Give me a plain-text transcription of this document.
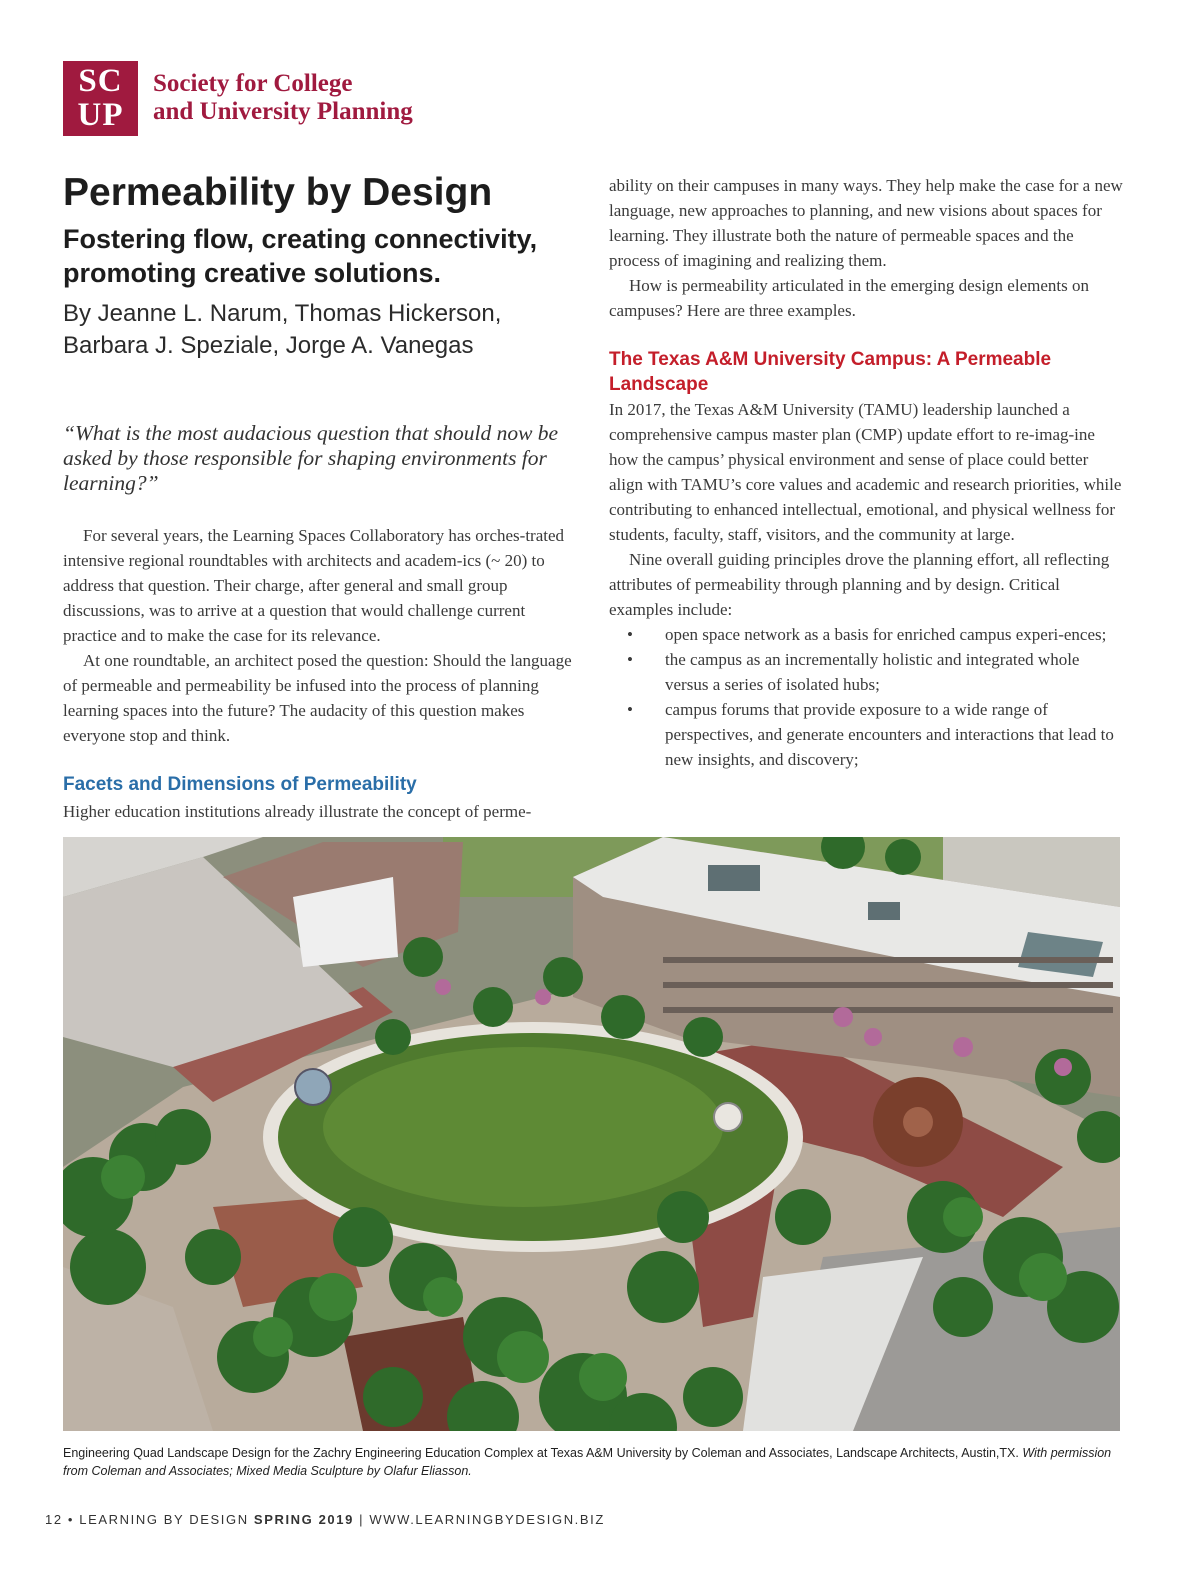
SC
UP
Society for College
and University Planning
Permeability by Design
Fostering flow, creating connectivity, promoting creative solutions.
By Jeanne L. Narum, Thomas Hickerson,
Barbara J. Speziale, Jorge A. Vanegas

“What is the most audacious question that should now be asked by those responsible for shaping environments for learning?”

For several years, the Learning Spaces Collaboratory has orches-trated intensive regional roundtables with architects and academ-ics (~ 20) to address that question. Their charge, after general and small group discussions, was to arrive at a question that would challenge current practice and to make the case for its relevance.

At one roundtable, an architect posed the question: Should the language of permeable and permeability be infused into the process of planning learning spaces into the future? The audacity of this question makes everyone stop and think.

Facets and Dimensions of Permeability

Higher education institutions already illustrate the concept of perme-

ability on their campuses in many ways. They help make the case for a new language, new approaches to planning, and new visions about spaces for learning. They illustrate both the nature of permeable spaces and the process of imagining and realizing them.

How is permeability articulated in the emerging design elements on campuses? Here are three examples.

The Texas A&M University Campus: A Permeable Landscape

In 2017, the Texas A&M University (TAMU) leadership launched a comprehensive campus master plan (CMP) update effort to re-imag-ine how the campus’ physical environment and sense of place could better align with TAMU’s core values and academic and research priorities, while contributing to enhanced intellectual, emotional, and physical wellness for students, faculty, staff, visitors, and the community at large.

Nine overall guiding principles drove the planning effort, all reflecting attributes of permeability through planning and by design. Critical examples include:

• open space network as a basis for enriched campus experi-ences;
• the campus as an incrementally holistic and integrated whole versus a series of isolated hubs;
• campus forums that provide exposure to a wide range of perspectives, and generate encounters and interactions that lead to new insights, and discovery;

Engineering Quad Landscape Design for the Zachry Engineering Education Complex at Texas A&M University by Coleman and Associates, Landscape Architects, Austin,TX. With permission from Coleman and Associates; Mixed Media Sculpture by Olafur Eliasson.

12 • LEARNING BY DESIGN SPRING 2019 | WWW.LEARNINGBYDESIGN.BIZ
